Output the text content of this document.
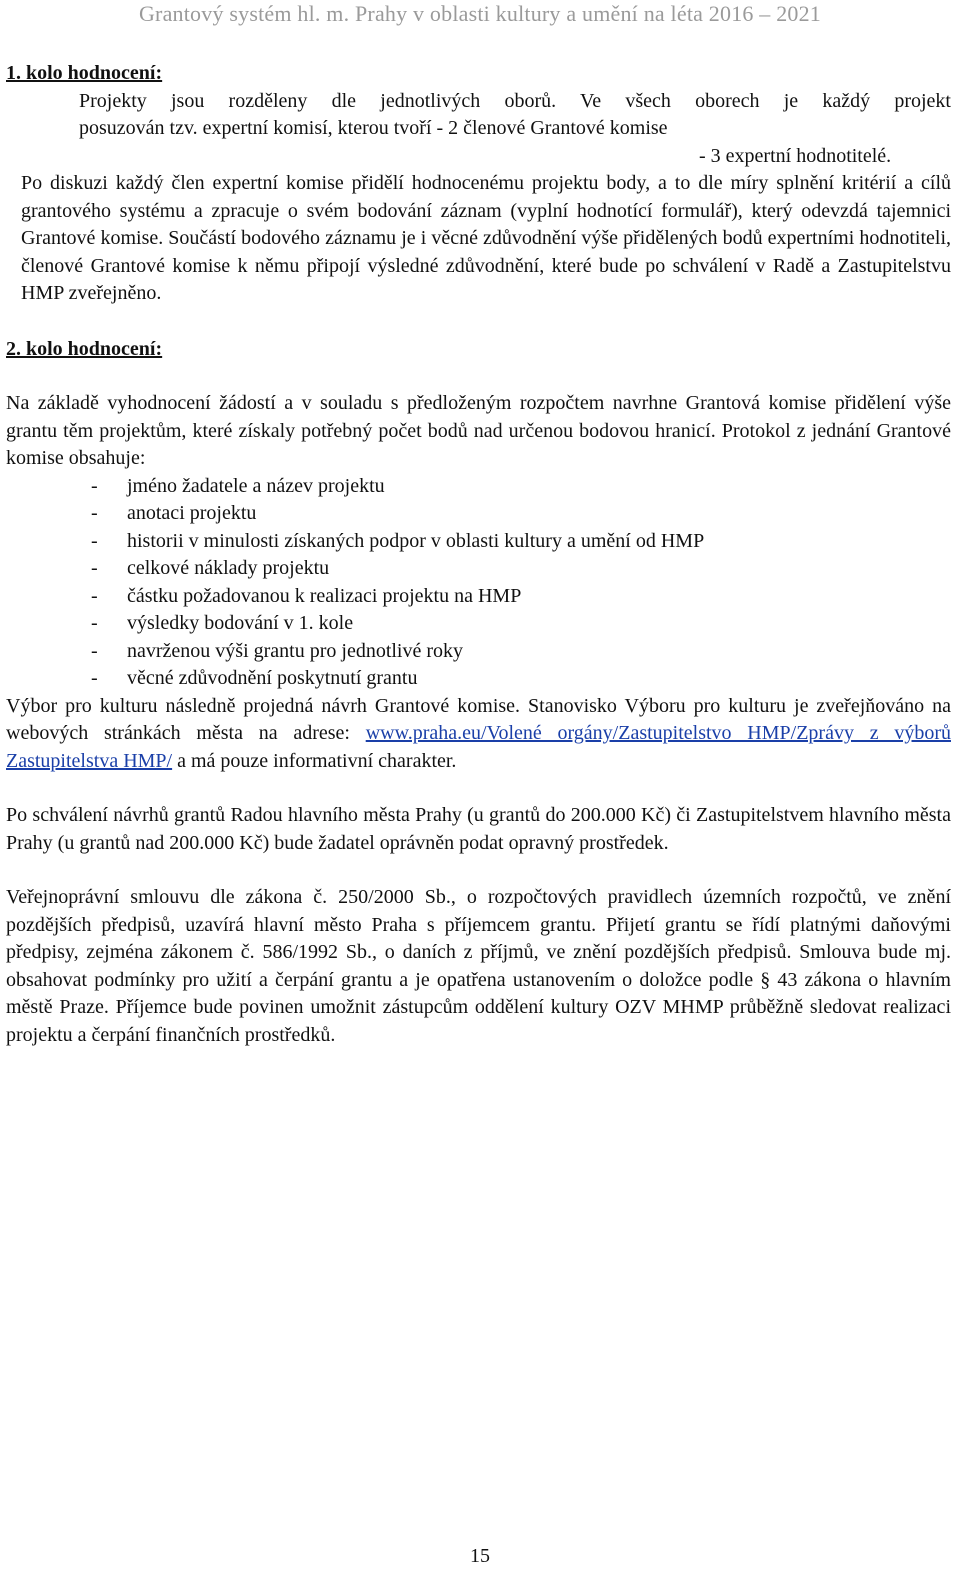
Grantový systém hl. m. Prahy v oblasti kultury a umění na léta 2016 – 2021
1. kolo hodnocení:
Projekty jsou rozděleny dle jednotlivých oborů. Ve všech oborech je každý projekt
posuzován tzv. expertní komisí, kterou tvoří - 2 členové Grantové komise
- 3 expertní hodnotitelé.
Po diskuzi každý člen expertní komise přidělí hodnocenému projektu body, a to dle míry splnění kritérií a cílů grantového systému a zpracuje o svém bodování záznam (vyplní hodnotící formulář), který odevzdá tajemnici Grantové komise. Součástí bodového záznamu je i věcné zdůvodnění výše přidělených bodů expertními hodnotiteli, členové Grantové komise k němu připojí výsledné zdůvodnění, které bude po schválení v Radě a Zastupitelstvu HMP zveřejněno.
2. kolo hodnocení:
Na základě vyhodnocení žádostí a v souladu s předloženým rozpočtem navrhne Grantová komise přidělení výše grantu těm projektům, které získaly potřebný počet bodů nad určenou bodovou hranicí. Protokol z jednání Grantové komise obsahuje:
- jméno žadatele a název projektu
- anotaci projektu
- historii v minulosti získaných podpor v oblasti kultury a umění od HMP
- celkové náklady projektu
- částku požadovanou k realizaci projektu na HMP
- výsledky bodování v 1. kole
- navrženou výši grantu pro jednotlivé roky
- věcné zdůvodnění poskytnutí grantu
Výbor pro kulturu následně projedná návrh Grantové komise. Stanovisko Výboru pro kulturu je zveřejňováno na webových stránkách města na adrese: www.praha.eu/Volené orgány/Zastupitelstvo HMP/Zprávy z výborů Zastupitelstva HMP/ a má pouze informativní charakter.
Po schválení návrhů grantů Radou hlavního města Prahy (u grantů do 200.000 Kč) či Zastupitelstvem hlavního města Prahy (u grantů nad 200.000 Kč) bude žadatel oprávněn podat opravný prostředek.
Veřejnoprávní smlouvu dle zákona č. 250/2000 Sb., o rozpočtových pravidlech územních rozpočtů, ve znění pozdějších předpisů, uzavírá hlavní město Praha s příjemcem grantu. Přijetí grantu se řídí platnými daňovými předpisy, zejména zákonem č. 586/1992 Sb., o daních z příjmů, ve znění pozdějších předpisů. Smlouva bude mj. obsahovat podmínky pro užití a čerpání grantu a je opatřena ustanovením o doložce podle § 43 zákona o hlavním městě Praze. Příjemce bude povinen umožnit zástupcům oddělení kultury OZV MHMP průběžně sledovat realizaci projektu a čerpání finančních prostředků.
15
